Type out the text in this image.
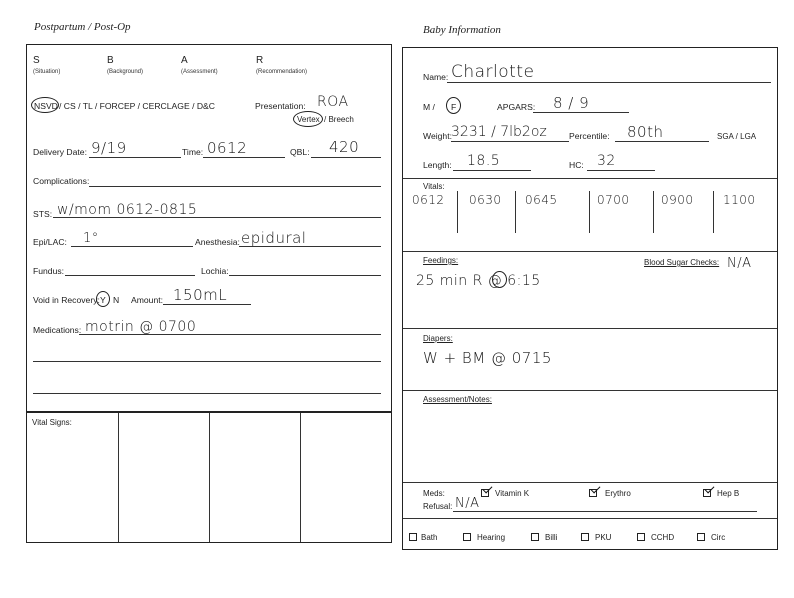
Postpartum / Post-Op	Baby Information
S
(Situation)
B
(Background)
A
(Assessment)
R
(Recommendation)
NSVD / CS / TL / FORCEP / CERCLAGE / D&C	Presentation: ROA
Vertex / Breech
Delivery Date: 9/19	Time: 0612	QBL: 420
Complications:
STS: w/mom 0612-0815
Epi/LAC: 1°	Anesthesia: epidural
Fundus:	Lochia:
Void in Recovery: Y N Amount: 150mL
Medications: motrin @ 0700
Vital Signs:
Name: Charlotte
M / F	APGARS: 8 / 9
Weight: 3231 / 7lb2oz	Percentile: 80th	SGA / LGA
Length: 18.5	HC: 32
Vitals:
0612 0630 0645	0700	0900 1100
Feedings:
25 min R @ 6:15
Blood Sugar Checks: N/A
Diapers:
W + BM @ 0715
Assessment/Notes:
Meds:	Vitamin K	Erythro	Hep B
Refusal: N/A
Bath	Hearing	Billi	PKU	CCHD	Circ
